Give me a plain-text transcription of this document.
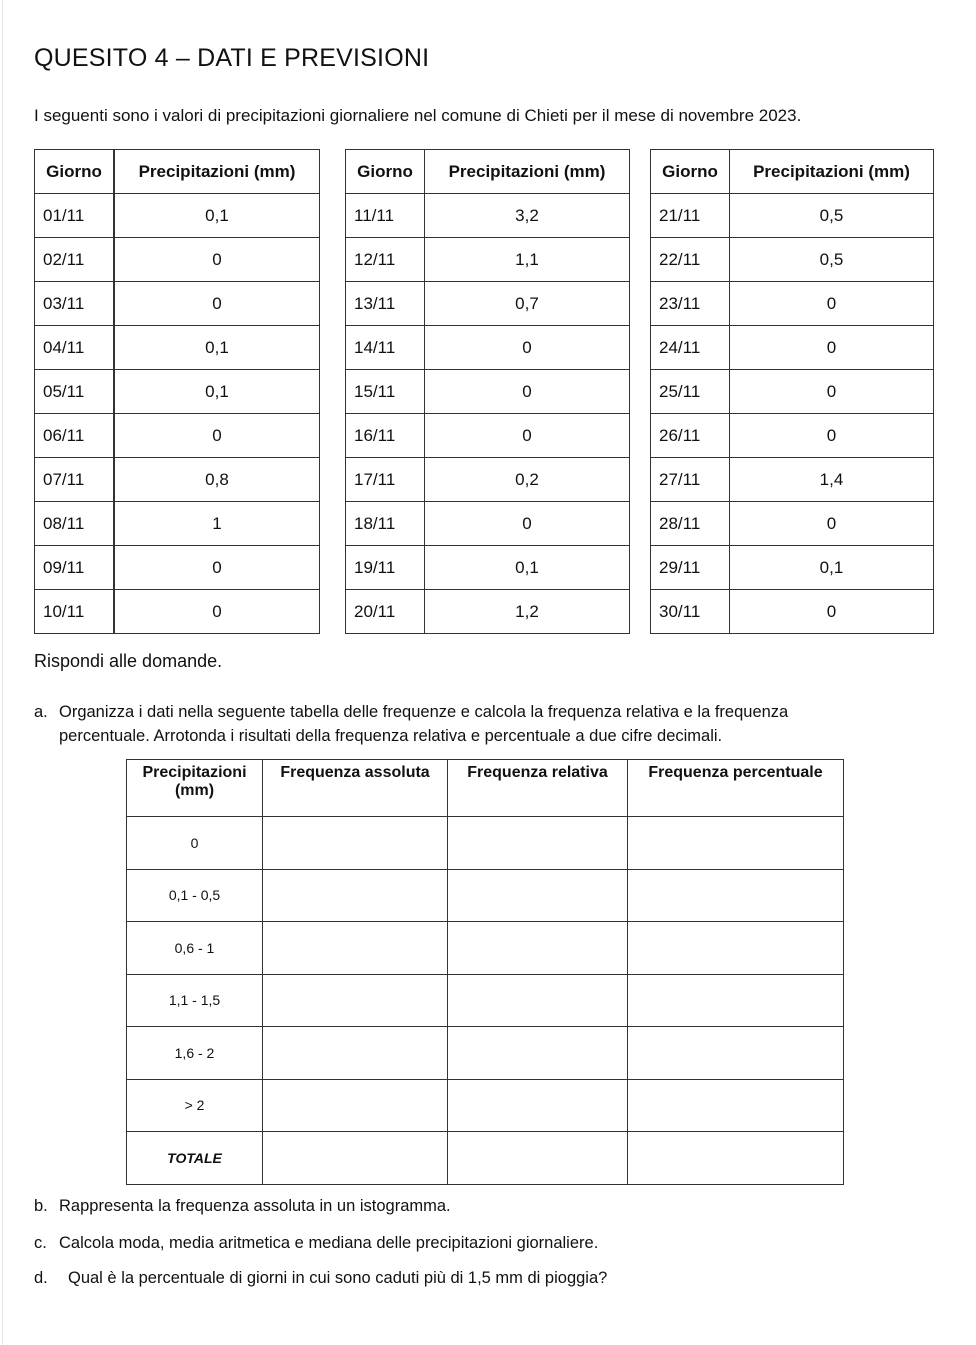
QUESITO 4 – DATI E PREVISIONI

I seguenti sono i valori di precipitazioni giornaliere nel comune di Chieti per il mese di novembre 2023.

Giorno	Precipitazioni (mm)
01/11	0,1
02/11	0
03/11	0
04/11	0,1
05/11	0,1
06/11	0
07/11	0,8
08/11	1
09/11	0
10/11	0
Giorno	Precipitazioni (mm)
11/11	3,2
12/11	1,1
13/11	0,7
14/11	0
15/11	0
16/11	0
17/11	0,2
18/11	0
19/11	0,1
20/11	1,2
Giorno	Precipitazioni (mm)
21/11	0,5
22/11	0,5
23/11	0
24/11	0
25/11	0
26/11	0
27/11	1,4
28/11	0
29/11	0,1
30/11	0

Rispondi alle domande.

a. Organizza i dati nella seguente tabella delle frequenze e calcola la frequenza relativa e la frequenza
percentuale. Arrotonda i risultati della frequenza relativa e percentuale a due cifre decimali.

Precipitazioni (mm)	Frequenza assoluta	Frequenza relativa	Frequenza percentuale
0			
0,1 - 0,5			
0,6 - 1			
1,1 - 1,5			
1,6 - 2			
> 2			
TOTALE			

b. Rappresenta la frequenza assoluta in un istogramma.

c. Calcola moda, media aritmetica e mediana delle precipitazioni giornaliere.

d. Qual è la percentuale di giorni in cui sono caduti più di 1,5 mm di pioggia?
